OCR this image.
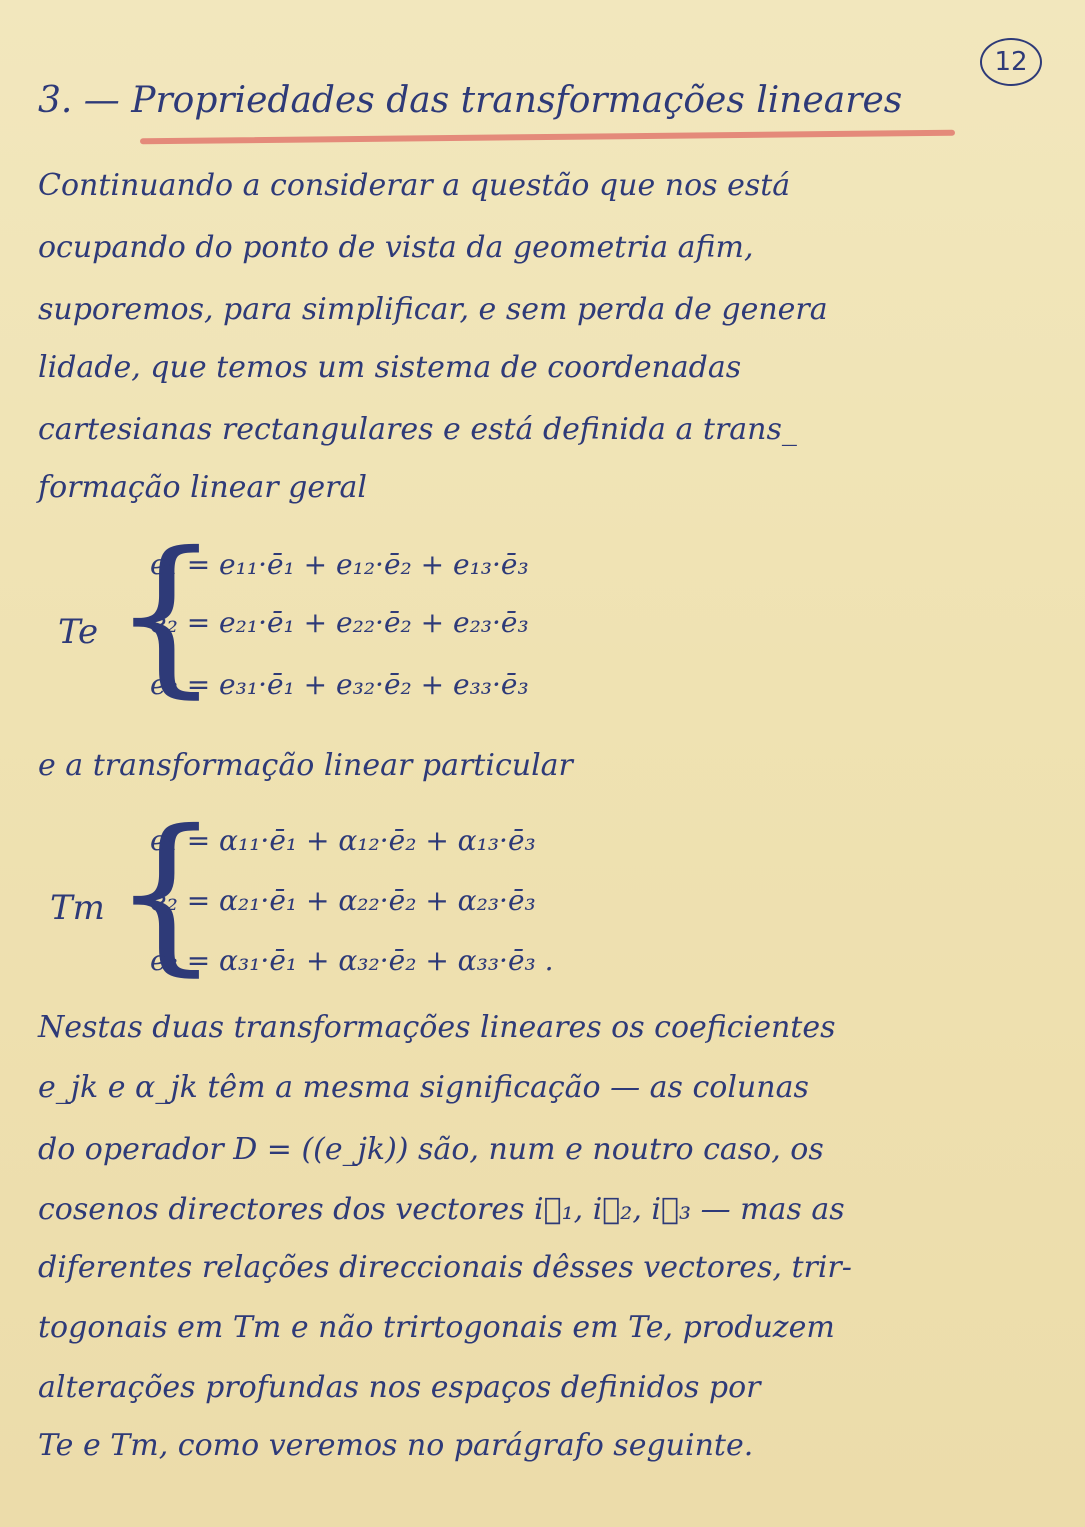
12
3. — Propriedades das transformações lineares
Continuando a considerar a questão que nos está
ocupando do ponto de vista da geometria afim,
suporemos, para simplificar, e sem perda de genera
lidade, que temos um sistema de coordenadas
cartesianas rectangulares e está definida a trans_
formação linear geral
Te {
e₁ = e₁₁·ē₁ + e₁₂·ē₂ + e₁₃·ē₃
e₂ = e₂₁·ē₁ + e₂₂·ē₂ + e₂₃·ē₃
e₃ = e₃₁·ē₁ + e₃₂·ē₂ + e₃₃·ē₃
e a transformação linear particular
Tm {
e₁ = α₁₁·ē₁ + α₁₂·ē₂ + α₁₃·ē₃
e₂ = α₂₁·ē₁ + α₂₂·ē₂ + α₂₃·ē₃
e₃ = α₃₁·ē₁ + α₃₂·ē₂ + α₃₃·ē₃ .
Nestas duas transformações lineares os coeficientes
e_jk e α_jk têm a mesma significação — as colunas
do operador D = ((e_jk)) são, num e noutro caso, os
cosenos directores dos vectores i⃗₁, i⃗₂, i⃗₃ — mas as
diferentes relações direccionais dêsses vectores, trir-
togonais em Tm e não trirtogonais em Te, produzem
alterações profundas nos espaços definidos por
Te e Tm, como veremos no parágrafo seguinte.
